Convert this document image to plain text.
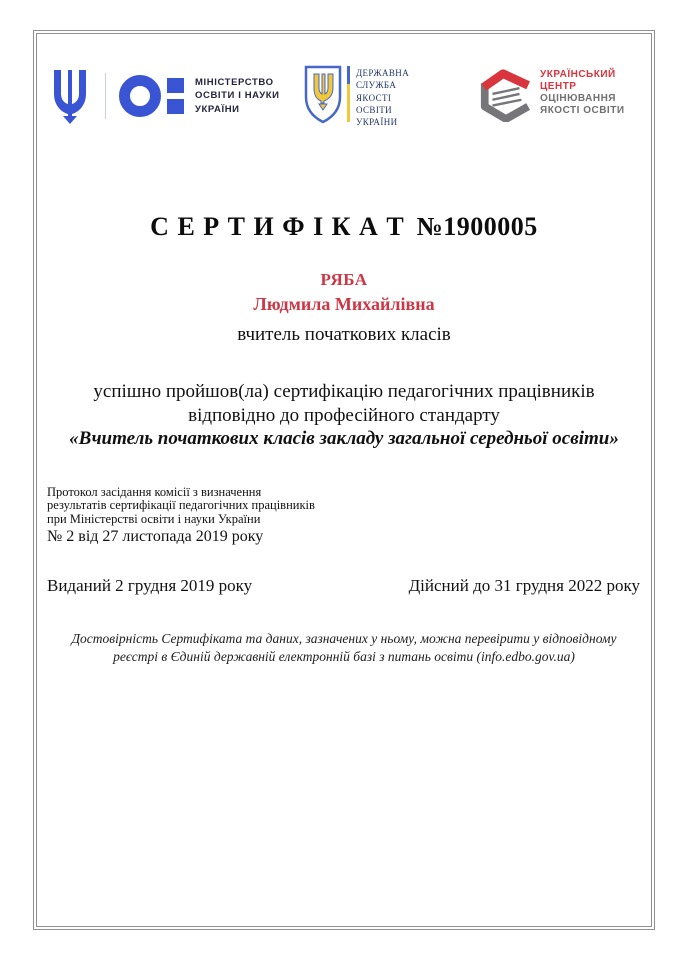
МІНІСТЕРСТВО
ОСВІТИ І НАУКИ
УКРАЇНИ
ДЕРЖАВНА
СЛУЖБА
ЯКОСТІ
ОСВІТИ
УКРАЇНИ
УКРАЇНСЬКИЙ
ЦЕНТР
ОЦІНЮВАННЯ
ЯКОСТІ ОСВІТИ
С Е Р Т И Ф І К А Т №1900005
РЯБА
Людмила Михайлівна
вчитель початкових класів
успішно пройшов(ла) сертифікацію педагогічних працівників
відповідно до професійного стандарту
«Вчитель початкових класів закладу загальної середньої освіти»
Протокол засідання комісії з визначення
результатів сертифікації педагогічних працівників
при Міністерстві освіти і науки України
№ 2 від 27 листопада 2019 року
Виданий 2 грудня 2019 року	Дійсний до 31 грудня 2022 року
Достовірність Сертифіката та даних, зазначених у ньому, можна перевірити у відповідному
реєстрі в Єдиній державній електронній базі з питань освіти (info.edbo.gov.ua)
